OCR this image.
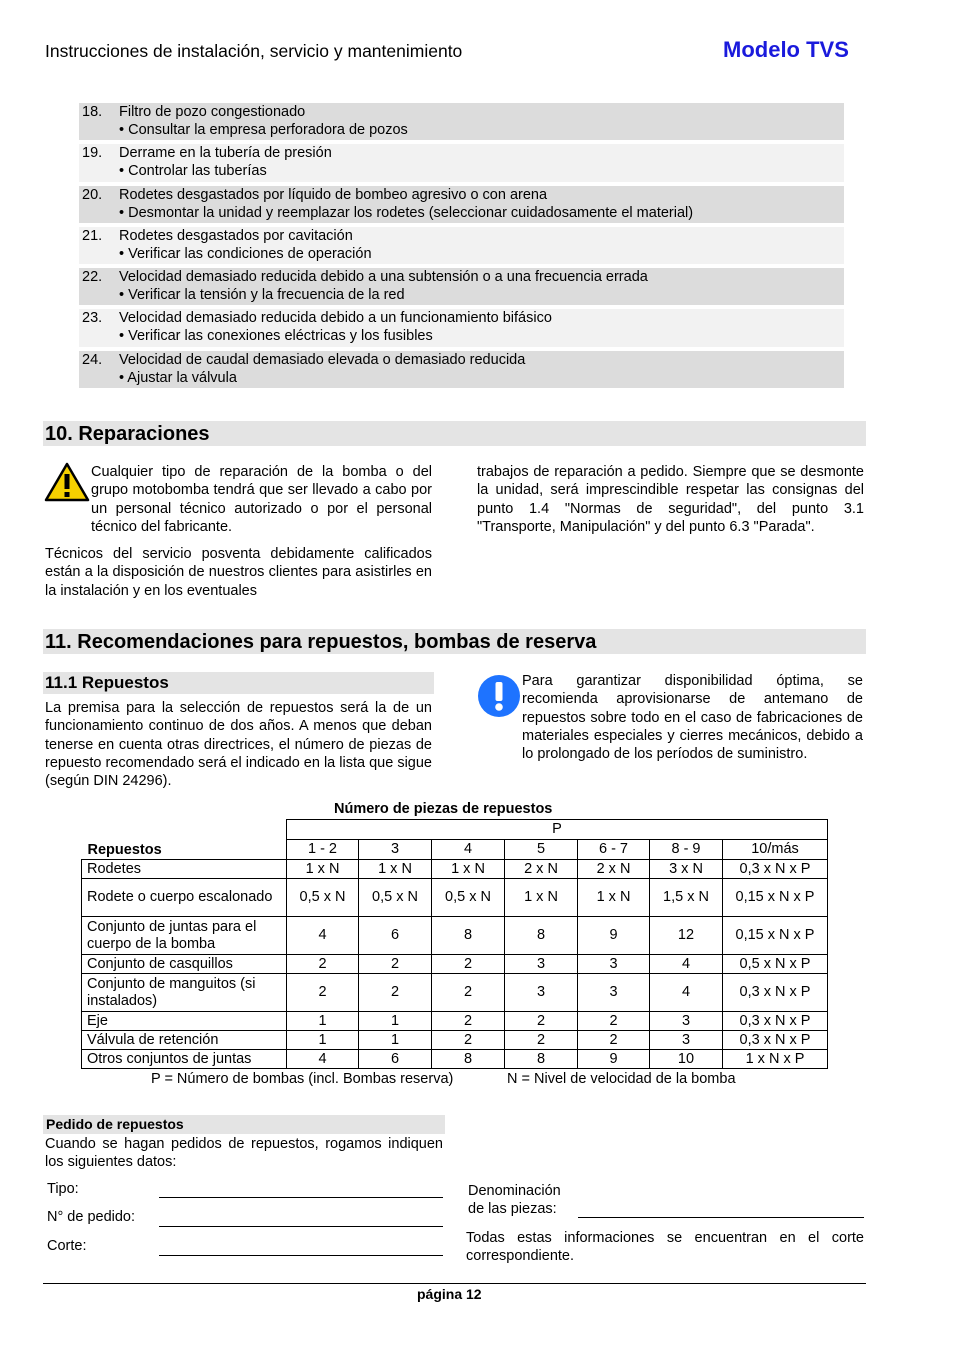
Instrucciones de instalación, servicio y mantenimiento	Modelo TVS
18.	Filtro de pozo congestionado
• Consultar la empresa perforadora de pozos
19.	Derrame en la tubería de presión
• Controlar las tuberías
20.	Rodetes desgastados por líquido de bombeo agresivo o con arena
• Desmontar la unidad y reemplazar los rodetes (seleccionar cuidadosamente el material)
21.	Rodetes desgastados por cavitación
• Verificar las condiciones de operación
22.	Velocidad demasiado reducida debido a una subtensión o a una frecuencia errada
• Verificar la tensión y la frecuencia de la red
23.	Velocidad demasiado reducida debido a un funcionamiento bifásico
• Verificar las conexiones eléctricas y los fusibles
24.	Velocidad de caudal demasiado elevada o demasiado reducida
• Ajustar la válvula
10. Reparaciones
Cualquier tipo de reparación de la bomba o del grupo motobomba tendrá que ser llevado a cabo por un personal técnico autorizado o por el personal técnico del fabricante.
Técnicos del servicio posventa debidamente calificados están a la disposición de nuestros clientes para asistirles en la instalación y en los eventuales
trabajos de reparación a pedido. Siempre que se desmonte la unidad, será imprescindible respetar las consignas del punto 1.4 "Normas de seguridad", del punto 3.1 "Transporte, Manipulación" y del punto 6.3 "Parada".
11. Recomendaciones para repuestos, bombas de reserva
11.1 Repuestos
La premisa para la selección de repuestos será la de un funcionamiento continuo de dos años. A menos que deban tenerse en cuenta otras directrices, el número de piezas de repuesto recomendado será el indicado en la lista que sigue (según DIN 24296).
Para garantizar disponibilidad óptima, se recomienda aprovisionarse de antemano de repuestos sobre todo en el caso de fabricaciones de materiales especiales y cierres mecánicos, debido a lo prolongado de los períodos de suministro.
Número de piezas de repuestos
	P						
Repuestos	1 - 2	3	4	5	6 - 7	8 - 9	10/más
Rodetes	1 x N	1 x N	1 x N	2 x N	2 x N	3 x N	0,3 x N x P
Rodete o cuerpo escalonado	0,5 x N	0,5 x N	0,5 x N	1 x N	1 x N	1,5 x N	0,15 x N x P
Conjunto de juntas para el cuerpo de la bomba	4	6	8	8	9	12	0,15 x N x P
Conjunto de casquillos	2	2	2	3	3	4	0,5 x N x P
Conjunto de manguitos (si instalados)	2	2	2	3	3	4	0,3 x N x P
Eje	1	1	2	2	2	3	0,3 x N x P
Válvula de retención	1	1	2	2	2	3	0,3 x N x P
Otros conjuntos de juntas	4	6	8	8	9	10	1 x N x P
P = Número de bombas (incl. Bombas reserva)	N = Nivel de velocidad de la bomba
Pedido de repuestos
Cuando se hagan pedidos de repuestos, rogamos indiquen los siguientes datos:
Tipo:
N° de pedido:
Corte:
Denominación
de las piezas:
Todas estas informaciones se encuentran en el corte correspondiente.
página 12
